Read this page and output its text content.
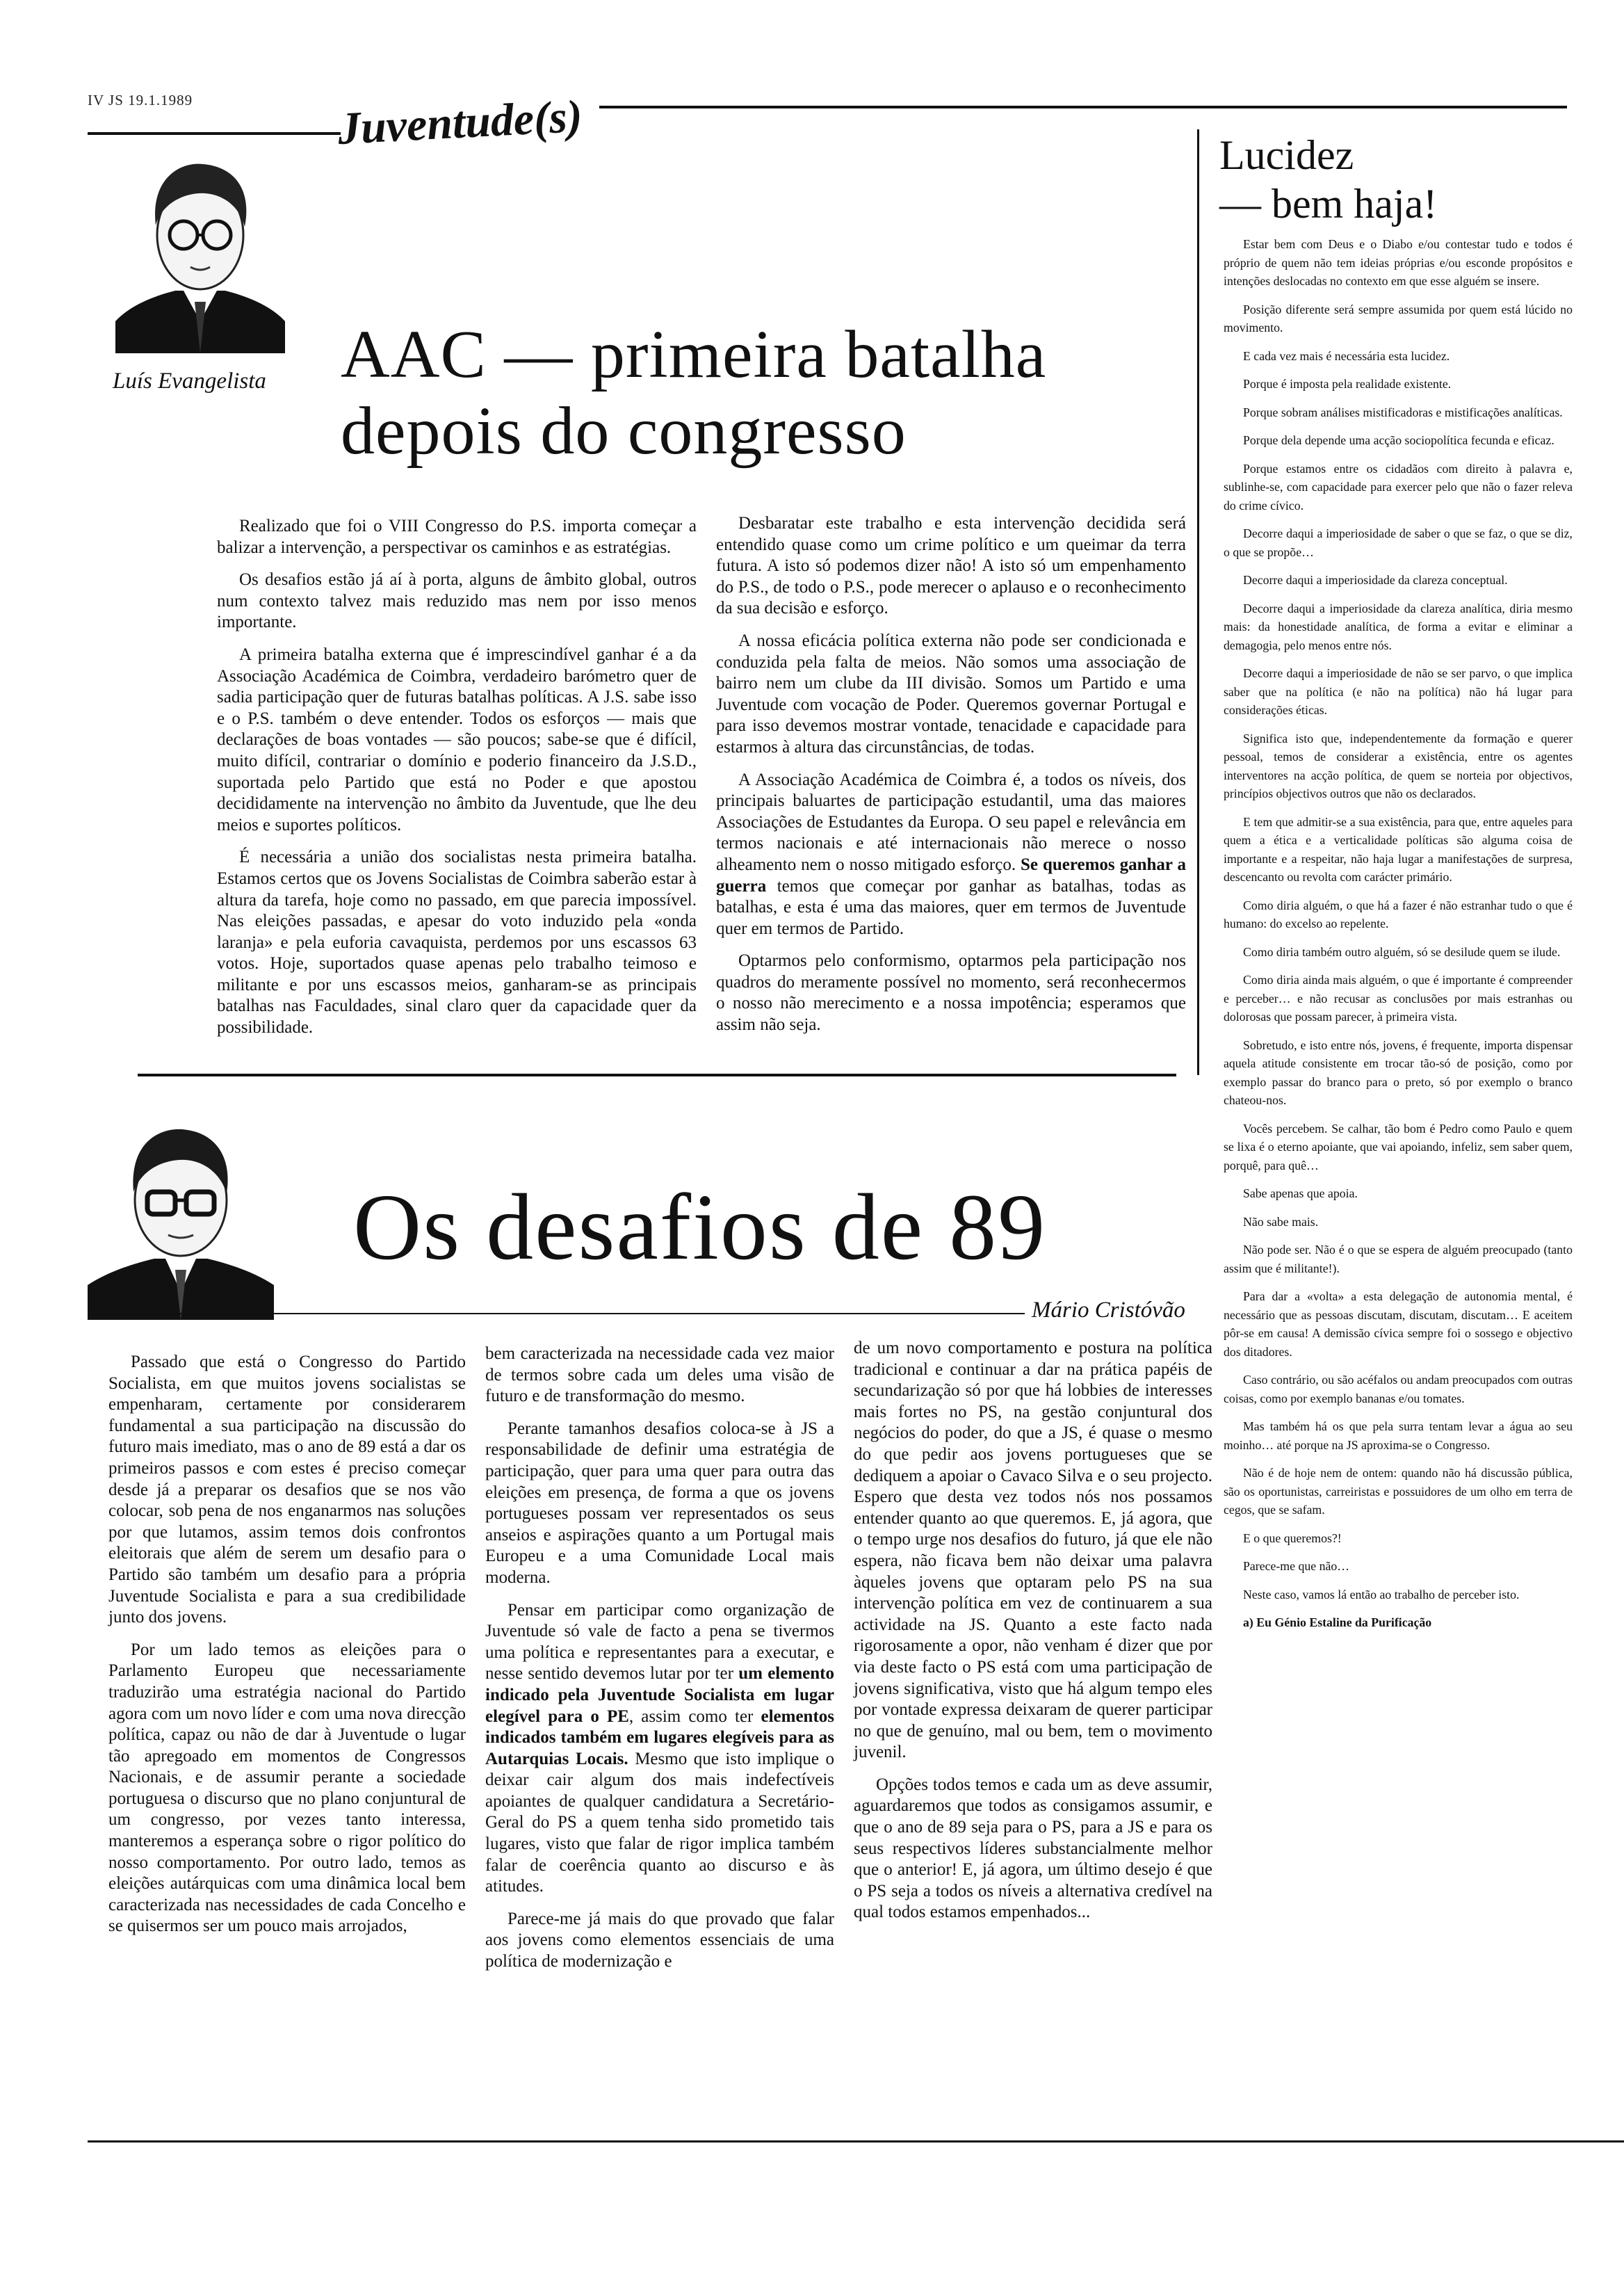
IV JS 19.1.1989	Juventude(s)
Luís Evangelista AAC — primeira batalha
depois do congresso

Realizado que foi o VIII Congresso do P.S. importa começar a balizar a intervenção, a perspectivar os caminhos e as estratégias.

Os desafios estão já aí à porta, alguns de âmbito global, outros num contexto talvez mais reduzido mas nem por isso menos importante.

A primeira batalha externa que é imprescindível ganhar é a da Associação Académica de Coimbra, verdadeiro barómetro quer de sadia participação quer de futuras batalhas políticas. A J.S. sabe isso e o P.S. também o deve entender. Todos os esforços — mais que declarações de boas vontades — são poucos; sabe-se que é difícil, muito difícil, contrariar o domínio e poderio financeiro da J.S.D., suportada pelo Partido que está no Poder e que apostou decididamente na intervenção no âmbito da Juventude, que lhe deu meios e suportes políticos.

É necessária a união dos socialistas nesta primeira batalha. Estamos certos que os Jovens Socialistas de Coimbra saberão estar à altura da tarefa, hoje como no passado, em que parecia impossível. Nas eleições passadas, e apesar do voto induzido pela «onda laranja» e pela euforia cavaquista, perdemos por uns escassos 63 votos. Hoje, suportados quase apenas pelo trabalho teimoso e militante e por uns escassos meios, ganharam-se as principais batalhas nas Faculdades, sinal claro quer da capacidade quer da possibilidade.

Desbaratar este trabalho e esta intervenção decidida será entendido quase como um crime político e um queimar da terra futura. A isto só podemos dizer não! A isto só um empenhamento do P.S., de todo o P.S., pode merecer o aplauso e o reconhecimento da sua decisão e esforço.

A nossa eficácia política externa não pode ser condicionada e conduzida pela falta de meios. Não somos uma associação de bairro nem um clube da III divisão. Somos um Partido e uma Juventude com vocação de Poder. Queremos governar Portugal e para isso devemos mostrar vontade, tenacidade e capacidade para estarmos à altura das circunstâncias, de todas.

A Associação Académica de Coimbra é, a todos os níveis, dos principais baluartes de participação estudantil, uma das maiores Associações de Estudantes da Europa. O seu papel e relevância em termos nacionais e até internacionais não merece o nosso alheamento nem o nosso mitigado esforço. Se queremos ganhar a guerra temos que começar por ganhar as batalhas, todas as batalhas, e esta é uma das maiores, quer em termos de Juventude quer em termos de Partido.

Optarmos pelo conformismo, optarmos pela participação nos quadros do meramente possível no momento, será reconhecermos o nosso não merecimento e a nossa impotência; esperamos que assim não seja.

Os desafios de 89
Mário Cristóvão

Passado que está o Congresso do Partido Socialista, em que muitos jovens socialistas se empenharam, certamente por considerarem fundamental a sua participação na discussão do futuro mais imediato, mas o ano de 89 está a dar os primeiros passos e com estes é preciso começar desde já a preparar os desafios que se nos vão colocar, sob pena de nos enganarmos nas soluções por que lutamos, assim temos dois confrontos eleitorais que além de serem um desafio para o Partido são também um desafio para a própria Juventude Socialista e para a sua credibilidade junto dos jovens.

Por um lado temos as eleições para o Parlamento Europeu que necessariamente traduzirão uma estratégia nacional do Partido agora com um novo líder e com uma nova direcção política, capaz ou não de dar à Juventude o lugar tão apregoado em momentos de Congressos Nacionais, e de assumir perante a sociedade portuguesa o discurso que no plano conjuntural de um congresso, por vezes tanto interessa, manteremos a esperança sobre o rigor político do nosso comportamento. Por outro lado, temos as eleições autárquicas com uma dinâmica local bem caracterizada nas necessidades de cada Concelho e se quisermos ser um pouco mais arrojados,

bem caracterizada na necessidade cada vez maior de termos sobre cada um deles uma visão de futuro e de transformação do mesmo.

Perante tamanhos desafios coloca-se à JS a responsabilidade de definir uma estratégia de participação, quer para uma quer para outra das eleições em presença, de forma a que os jovens portugueses possam ver representados os seus anseios e aspirações quanto a um Portugal mais Europeu e a uma Comunidade Local mais moderna.

Pensar em participar como organização de Juventude só vale de facto a pena se tivermos uma política e representantes para a executar, e nesse sentido devemos lutar por ter um elemento indicado pela Juventude Socialista em lugar elegível para o PE, assim como ter elementos indicados também em lugares elegíveis para as Autarquias Locais. Mesmo que isto implique o deixar cair algum dos mais indefectíveis apoiantes de qualquer candidatura a Secretário-Geral do PS a quem tenha sido prometido tais lugares, visto que falar de rigor implica também falar de coerência quanto ao discurso e às atitudes.

Parece-me já mais do que provado que falar aos jovens como elementos essenciais de uma política de modernização e

de um novo comportamento e postura na política tradicional e continuar a dar na prática papéis de secundarização só por que há lobbies de interesses mais fortes no PS, na gestão conjuntural dos negócios do poder, do que a JS, é quase o mesmo do que pedir aos jovens portugueses que se dediquem a apoiar o Cavaco Silva e o seu projecto. Espero que desta vez todos nós nos possamos entender quanto ao que queremos. E, já agora, que o tempo urge nos desafios do futuro, já que ele não espera, não ficava bem não deixar uma palavra àqueles jovens que optaram pelo PS na sua intervenção política em vez de continuarem a sua actividade na JS. Quanto a este facto nada rigorosamente a opor, não venham é dizer que por via deste facto o PS está com uma participação de jovens significativa, visto que há algum tempo eles por vontade expressa deixaram de querer participar no que de genuíno, mal ou bem, tem o movimento juvenil.

Opções todos temos e cada um as deve assumir, aguardaremos que todos as consigamos assumir, e que o ano de 89 seja para o PS, para a JS e para os seus respectivos líderes substancialmente melhor que o anterior! E, já agora, um último desejo é que o PS seja a todos os níveis a alternativa credível na qual todos estamos empenhados...

Lucidez
— bem haja!

Estar bem com Deus e o Diabo e/ou contestar tudo e todos é próprio de quem não tem ideias próprias e/ou esconde propósitos e intenções deslocadas no contexto em que esse alguém se insere.

Posição diferente será sempre assumida por quem está lúcido no movimento.

E cada vez mais é necessária esta lucidez.

Porque é imposta pela realidade existente.

Porque sobram análises mistificadoras e mistificações analíticas.

Porque dela depende uma acção sociopolítica fecunda e eficaz.

Porque estamos entre os cidadãos com direito à palavra e, sublinhe-se, com capacidade para exercer pelo que não o fazer releva do crime cívico.

Decorre daqui a imperiosidade de saber o que se faz, o que se diz, o que se propõe…

Decorre daqui a imperiosidade da clareza conceptual.

Decorre daqui a imperiosidade da clareza analítica, diria mesmo mais: da honestidade analítica, de forma a evitar e eliminar a demagogia, pelo menos entre nós.

Decorre daqui a imperiosidade de não se ser parvo, o que implica saber que na política (e não na política) não há lugar para considerações éticas.

Significa isto que, independentemente da formação e querer pessoal, temos de considerar a existência, entre os agentes interventores na acção política, de quem se norteia por objectivos, princípios objectivos outros que não os declarados.

E tem que admitir-se a sua existência, para que, entre aqueles para quem a ética e a verticalidade políticas são alguma coisa de importante e a respeitar, não haja lugar a manifestações de surpresa, descencanto ou revolta com carácter primário.

Como diria alguém, o que há a fazer é não estranhar tudo o que é humano: do excelso ao repelente.

Como diria também outro alguém, só se desilude quem se ilude.

Como diria ainda mais alguém, o que é importante é compreender e perceber… e não recusar as conclusões por mais estranhas ou dolorosas que possam parecer, à primeira vista.

Sobretudo, e isto entre nós, jovens, é frequente, importa dispensar aquela atitude consistente em trocar tão-só de posição, como por exemplo passar do branco para o preto, só por exemplo o branco chateou-nos.

Vocês percebem. Se calhar, tão bom é Pedro como Paulo e quem se lixa é o eterno apoiante, que vai apoiando, infeliz, sem saber quem, porquê, para quê…

Sabe apenas que apoia.

Não sabe mais.

Não pode ser. Não é o que se espera de alguém preocupado (tanto assim que é militante!).

Para dar a «volta» a esta delegação de autonomia mental, é necessário que as pessoas discutam, discutam, discutam… E aceitem pôr-se em causa! A demissão cívica sempre foi o sossego e objectivo dos ditadores.

Caso contrário, ou são acéfalos ou andam preocupados com outras coisas, como por exemplo bananas e/ou tomates.

Mas também há os que pela surra tentam levar a água ao seu moinho… até porque na JS aproxima-se o Congresso.

Não é de hoje nem de ontem: quando não há discussão pública, são os oportunistas, carreiristas e possuidores de um olho em terra de cegos, que se safam.

E o que queremos?!

Parece-me que não…

Neste caso, vamos lá então ao trabalho de perceber isto.

a) Eu Génio Estaline da Purificação
